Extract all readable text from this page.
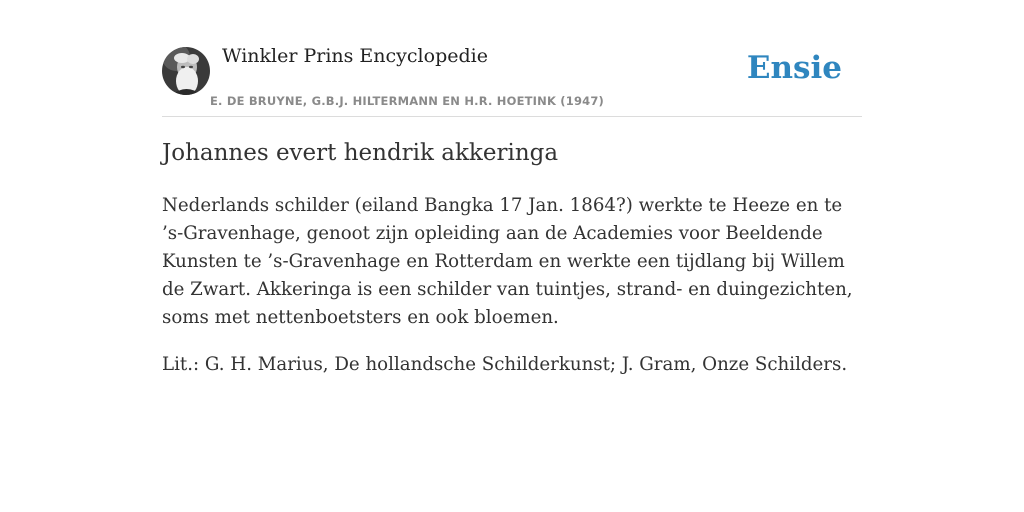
Winkler Prins Encyclopedie
E. DE BRUYNE, G.B.J. HILTERMANN EN H.R. HOETINK (1947)
Ensie
Johannes evert hendrik akkeringa

Nederlands schilder (eiland Bangka 17 Jan. 1864?) werkte te Heeze en te ’s-Gravenhage, genoot zijn opleiding aan de Academies voor Beeldende Kunsten te ’s-Gravenhage en Rotterdam en werkte een tijdlang bij Willem de Zwart. Akkeringa is een schilder van tuintjes, strand- en duingezichten, soms met nettenboetsters en ook bloemen.

Lit.: G. H. Marius, De hollandsche Schilderkunst; J. Gram, Onze Schilders.
